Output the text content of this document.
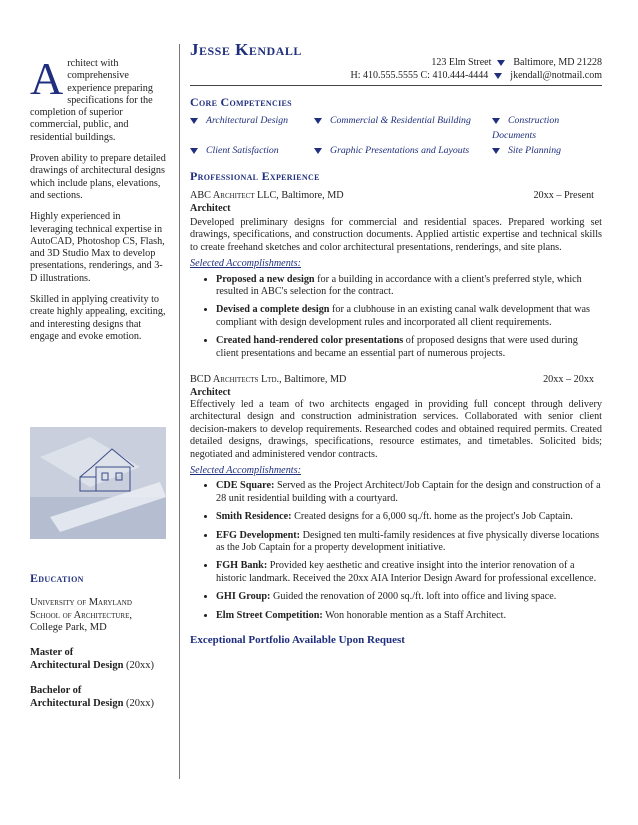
Architect with comprehensive experience preparing specifications for the completion of superior commercial, public, and residential buildings.

Proven ability to prepare detailed drawings of architectural designs which include plans, elevations, and sections.

Highly experienced in leveraging technical expertise in AutoCAD, Photoshop CS, Flash, and 3D Studio Max to develop presentations, renderings, and 3-D illustrations.

Skilled in applying creativity to create highly appealing, exciting, and interesting designs that engage and evoke emotion.

Education
University of Maryland
School of Architecture,
College Park, MD
Master of
Architectural Design (20xx)
Bachelor of
Architectural Design (20xx)
Jesse Kendall
123 Elm Street Baltimore, MD 21228
H: 410.555.5555 C: 410.444-4444 jkendall@notmail.com
Core Competencies
Architectural Design	Commercial & Residential Building	Construction Documents
Client Satisfaction	Graphic Presentations and Layouts	Site Planning
Professional Experience
ABC Architect LLC, Baltimore, MD	20xx – Present
Architect
Developed preliminary designs for commercial and residential spaces. Prepared working set drawings, specifications, and construction documents. Applied artistic expertise and technical skills to create freehand sketches and color architectural presentations, renderings, and site plans.
Selected Accomplishments:
• Proposed a new design for a building in accordance with a client's preferred style, which resulted in ABC's selection for the contract.
• Devised a complete design for a clubhouse in an existing canal walk development that was compliant with design development rules and incorporated all client requirements.
• Created hand-rendered color presentations of proposed designs that were used during client presentations and became an essential part of numerous projects.
BCD Architects Ltd., Baltimore, MD	20xx – 20xx
Architect
Effectively led a team of two architects engaged in providing full concept through delivery architectural design and construction administration services. Collaborated with senior client decision-makers to develop requirements. Researched codes and obtained required permits. Created detailed designs, drawings, specifications, resource estimates, and timetables. Solicited bids; negotiated and administered vendor contracts.
Selected Accomplishments:
• CDE Square: Served as the Project Architect/Job Captain for the design and construction of a 28 unit residential building with a courtyard.
• Smith Residence: Created designs for a 6,000 sq./ft. home as the project's Job Captain.
• EFG Development: Designed ten multi-family residences at five physically diverse locations as the Job Captain for a property development initiative.
• FGH Bank: Provided key aesthetic and creative insight into the interior renovation of a historic landmark. Received the 20xx AIA Interior Design Award for professional excellence.
• GHI Group: Guided the renovation of 2000 sq./ft. loft into office and living space.
• Elm Street Competition: Won honorable mention as a Staff Architect.
Exceptional Portfolio Available Upon Request
